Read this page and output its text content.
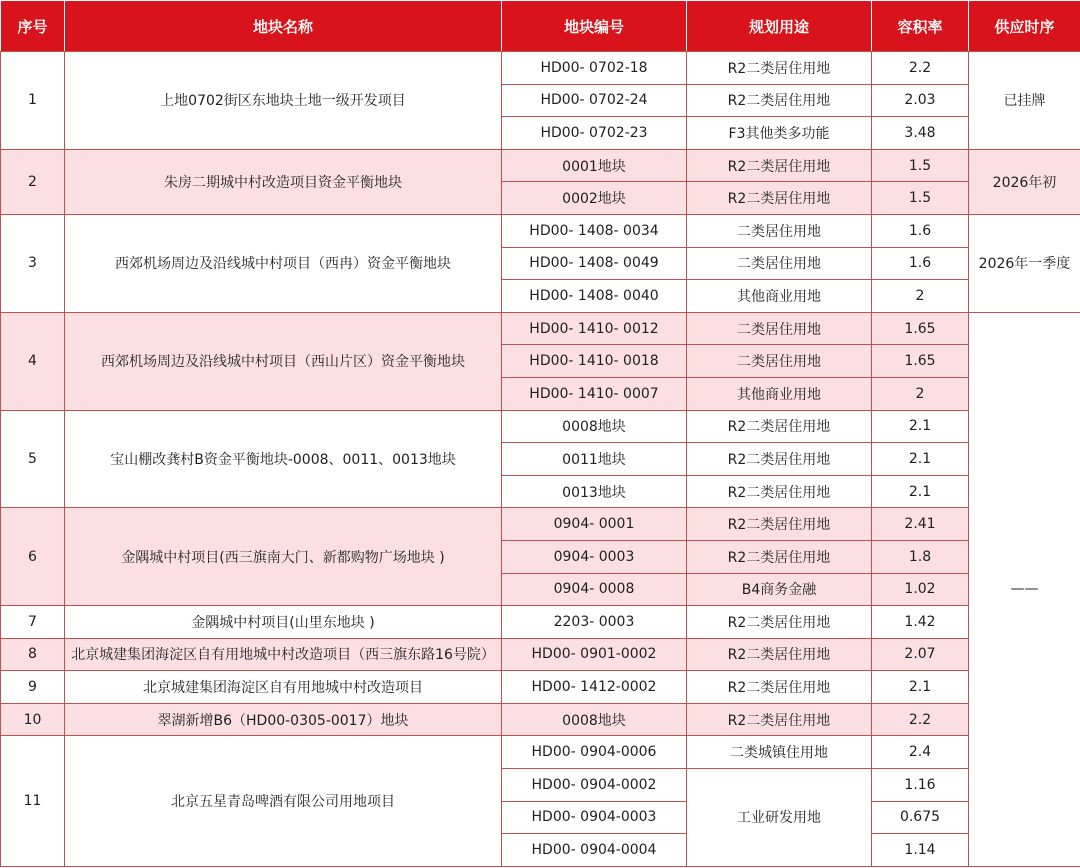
序号	地块名称	地块编号	规划用途	容积率	供应时序
1	上地0702街区东地块土地一级开发项目	HD00- 0702-18	R2二类居住用地	2.2	已挂牌
		HD00- 0702-24	R2二类居住用地	2.03	
		HD00- 0702-23	F3其他类多功能	3.48	
2	朱房二期城中村改造项目资金平衡地块	0001地块	R2二类居住用地	1.5	2026年初
		0002地块	R2二类居住用地	1.5	
3	西郊机场周边及沿线城中村项目（西冉）资金平衡地块	HD00- 1408- 0034	二类居住用地	1.6	2026年一季度
		HD00- 1408- 0049	二类居住用地	1.6	
		HD00- 1408- 0040	其他商业用地	2	
4	西郊机场周边及沿线城中村项目（西山片区）资金平衡地块	HD00- 1410- 0012	二类居住用地	1.65	——
		HD00- 1410- 0018	二类居住用地	1.65	
		HD00- 1410- 0007	其他商业用地	2	
5	宝山棚改龚村B资金平衡地块-0008、0011、0013地块	0008地块	R2二类居住用地	2.1	
		0011地块	R2二类居住用地	2.1	
		0013地块	R2二类居住用地	2.1	
6	金隅城中村项目(西三旗南大门、新都购物广场地块 )	0904- 0001	R2二类居住用地	2.41	
		0904- 0003	R2二类居住用地	1.8	
		0904- 0008	B4商务金融	1.02	
7	金隅城中村项目(山里东地块 )	2203- 0003	R2二类居住用地	1.42	
8	北京城建集团海淀区自有用地城中村改造项目（西三旗东路16号院）	HD00- 0901-0002	R2二类居住用地	2.07	
9	北京城建集团海淀区自有用地城中村改造项目	HD00- 1412-0002	R2二类居住用地	2.1	
10	翠湖新增B6（HD00-0305-0017）地块	0008地块	R2二类居住用地	2.2	
11	北京五星青岛啤酒有限公司用地项目	HD00- 0904-0006	二类城镇住用地	2.4	
		HD00- 0904-0002	工业研发用地	1.16	
		HD00- 0904-0003		0.675	
		HD00- 0904-0004		1.14	
